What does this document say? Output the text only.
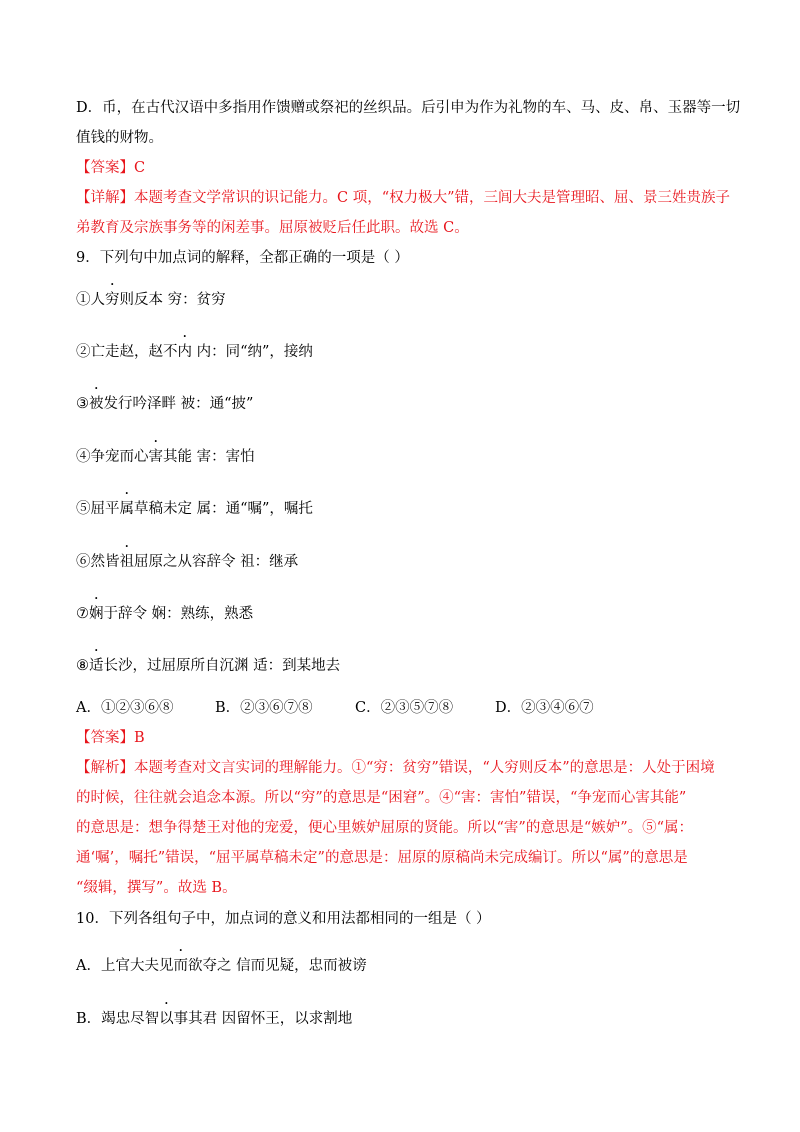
D．币，在古代汉语中多指用作馈赠或祭祀的丝织品。后引申为作为礼物的车、马、皮、帛、玉器等一切
值钱的财物。
【答案】C
【详解】本题考查文学常识的识记能力。C 项，“权力极大”错，三闾大夫是管理昭、屈、景三姓贵族子
弟教育及宗族事务等的闲差事。屈原被贬后任此职。故选 C。
9．下列句中加点词的解释，全都正确的一项是（ ）
①人穷则反本 穷：贫穷
②亡走赵，赵不内 内：同“纳”，接纳
③被发行吟泽畔 被：通“披”
④争宠而心害其能 害：害怕
⑤屈平属草稿未定 属：通“嘱”，嘱托
⑥然皆祖屈原之从容辞令 祖：继承
⑦娴于辞令 娴：熟练，熟悉
⑧适长沙，过屈原所自沉渊 适：到某地去
A．①②③⑥⑧	B．②③⑥⑦⑧	C．②③⑤⑦⑧	D．②③④⑥⑦
【答案】B
【解析】本题考查对文言实词的理解能力。①“穷：贫穷”错误，“人穷则反本”的意思是：人处于困境
的时候，往往就会追念本源。所以“穷”的意思是“困窘”。④“害：害怕”错误，“争宠而心害其能”
的意思是：想争得楚王对他的宠爱，便心里嫉妒屈原的贤能。所以“害”的意思是“嫉妒”。⑤“属：
通‘嘱’，嘱托”错误，“屈平属草稿未定”的意思是：屈原的原稿尚未完成编订。所以“属”的意思是
“缀辑，撰写”。故选 B。
10．下列各组句子中，加点词的意义和用法都相同的一组是（ ）
A．上官大夫见而欲夺之 信而见疑，忠而被谤
B．竭忠尽智以事其君 因留怀王，以求割地
